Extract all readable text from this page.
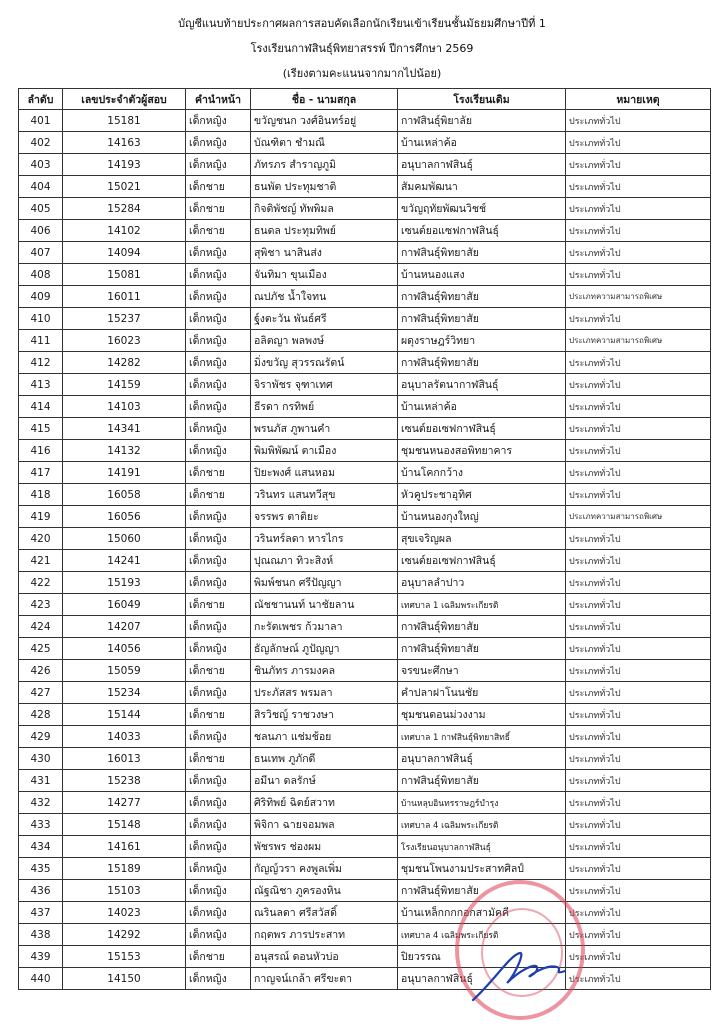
บัญชีแนบท้ายประกาศผลการสอบคัดเลือกนักเรียนเข้าเรียนชั้นมัธยมศึกษาปีที่ 1
โรงเรียนกาฬสินธุ์พิทยาสรรพ์ ปีการศึกษา 2569
(เรียงตามคะแนนจากมากไปน้อย)
ลำดับ	เลขประจำตัวผู้สอบ	คำนำหน้า	ชื่อ - นามสกุล	โรงเรียนเดิม	หมายเหตุ
401	15181	เด็กหญิง	ขวัญชนก วงศ์อินทร์อยู่	กาฬสินธุ์พิยาลัย	ประเภททั่วไป
402	14163	เด็กหญิง	บัณฑิตา ชำมณี	บ้านเหล่าค้อ	ประเภททั่วไป
403	14193	เด็กหญิง	ภัทรภร สำราญภูมิ	อนุบาลกาฬสินธุ์	ประเภททั่วไป
404	15021	เด็กชาย	ธนพัต ประทุมชาติ	สัมคมพัฒนา	ประเภททั่วไป
405	15284	เด็กชาย	กิจติพัชญ์ ทัพพิมล	ขวัญฤทัยพัฒนวิชช์	ประเภททั่วไป
406	14102	เด็กชาย	ธนดล ประทุมทิพย์	เซนต์ยอแซฟกาฬสินธุ์	ประเภททั่วไป
407	14094	เด็กหญิง	สุพิชา นาสินส่ง	กาฬสินธุ์พิทยาสัย	ประเภททั่วไป
408	15081	เด็กหญิง	จันทิมา ขุนเมือง	บ้านหนองแสง	ประเภททั่วไป
409	16011	เด็กหญิง	ณปภัช น้ำใจทน	กาฬสินธุ์พิทยาสัย	ประเภทความสามารถพิเศษ
410	15237	เด็กหญิง	ฐ์ุงตะวัน พันธ์ศรี	กาฬสินธุ์พิทยาสัย	ประเภททั่วไป
411	16023	เด็กหญิง	อลิตญา พลพงษ์	ผดุงราษฎร์วิทยา	ประเภทความสามารถพิเศษ
412	14282	เด็กหญิง	มิ่งขวัญ สุวรรณรัตน์	กาฬสินธุ์พิทยาสัย	ประเภททั่วไป
413	14159	เด็กหญิง	จิราพัชร จุฑาเทศ	อนุบาลรัตนากาฬสินธุ์	ประเภททั่วไป
414	14103	เด็กหญิง	ธีรดา กรทิพย์	บ้านเหล่าค้อ	ประเภททั่วไป
415	14341	เด็กหญิง	พรนภัส ภูพานคำ	เซนต์ยอเซฟกาฬสินธุ์	ประเภททั่วไป
416	14132	เด็กหญิง	พิมพิพัฒน์ ตาเมือง	ชุมชนหนองสอพิทยาคาร	ประเภททั่วไป
417	14191	เด็กชาย	ปิยะพงศ์ แสนหอม	บ้านโคกกว้าง	ประเภททั่วไป
418	16058	เด็กชาย	วรินทร แสนทวีสุข	หัวคูประชาอุทิศ	ประเภททั่วไป
419	16056	เด็กหญิง	จรรพร ตาติยะ	บ้านหนองกุงใหญ่	ประเภทความสามารถพิเศษ
420	15060	เด็กหญิง	วรินทร์ลดา หารไกร	สุขเจริญผล	ประเภททั่วไป
421	14241	เด็กหญิง	ปุณณภา ทิวะสิงห์	เซนต์ยอเซฟกาฬสินธุ์	ประเภททั่วไป
422	15193	เด็กหญิง	พิมพ์ชนก ศรีปัญญา	อนุบาลลำปาว	ประเภททั่วไป
423	16049	เด็กชาย	ณัชชานนท์ นาชัยลาน	เทศบาล 1 เฉลิมพระเกียรติ	ประเภททั่วไป
424	14207	เด็กหญิง	กะรัตเพชร ก้วมาลา	กาฬสินธุ์พิทยาสัย	ประเภททั่วไป
425	14056	เด็กหญิง	ธัญลักษณ์ ภูปัญญา	กาฬสินธุ์พิทยาสัย	ประเภททั่วไป
426	15059	เด็กชาย	ชินภัทร ภารมงคล	จรขนะศึกษา	ประเภททั่วไป
427	15234	เด็กหญิง	ประภัสสร พรมลา	คำปลาฝาโนนชัย	ประเภททั่วไป
428	15144	เด็กชาย	สิรวิชญ์ ราชวงษา	ชุมชนดอนม่วงงาม	ประเภททั่วไป
429	14033	เด็กหญิง	ชลนภา แช่มช้อย	เทศบาล 1 กาฬสินธุ์พิทยาสิทธิ์	ประเภททั่วไป
430	16013	เด็กชาย	ธนเทพ ภูภักดี	อนุบาลกาฬสินธุ์	ประเภททั่วไป
431	15238	เด็กหญิง	อมีนา ดลรักษ์	กาฬสินธุ์พิทยาสัย	ประเภททั่วไป
432	14277	เด็กหญิง	ศิริทิพย์ ฉิตย์สวาท	บ้านหลุบอินทรราษฎร์บำรุง	ประเภททั่วไป
433	15148	เด็กหญิง	พิจิกา ฉายจอมพล	เทศบาล 4 เฉลิมพระเกียรติ	ประเภททั่วไป
434	14161	เด็กหญิง	พัชรพร ช่องผม	โรงเรียนอนุบาลกาฬสินธุ์	ประเภททั่วไป
435	15189	เด็กหญิง	กัญญ์วรา คงพูลเพิ่ม	ชุมชนโพนงามประสาทศิลป์	ประเภททั่วไป
436	15103	เด็กหญิง	ณัฐณิชา ภูครองหิน	กาฬสินธุ์พิทยาสัย	ประเภททั่วไป
437	14023	เด็กหญิง	ณรินลดา ศรีสวัสดิ์	บ้านเหล็กกกกอกสามัคคี	ประเภททั่วไป
438	14292	เด็กหญิง	กฤตพร ภารประสาท	เทศบาล 4 เฉลิมพระเกียรติ	ประเภททั่วไป
439	15153	เด็กชาย	อนุสรณ์ ดอนหัวบ่อ	ปิยวรรณ	ประเภททั่วไป
440	14150	เด็กหญิง	กาญจน์เกล้า ศรีขะตา	อนุบาลกาฬสินธุ์	ประเภททั่วไป
